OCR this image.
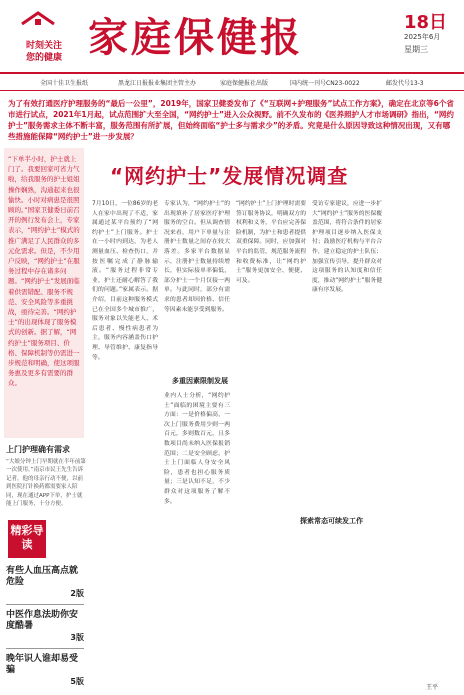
时刻关注
您的健康 家庭保健报	18日
2025年6月
星期三
全国十佳卫生报纸	黑龙江日报报业集团主管主办	家庭保健报社出版	国内统一刊号CN23-0022	邮发代号13-3
为了有效打通医疗护理服务的“最后一公里”，2019年，国家卫健委发布了《“互联网+护理服务”试点工作方案》，确定在北京等6个省市进行试点，2021年1月起，试点范围扩大至全国，“网约护士”进入公众视野。前不久发布的《医养照护人才市场调研》指出，“网约护士”服务需求主体不断丰富，服务范围有所扩展，但始终面临“护士多与需求少”的矛盾。究竟是什么原因导致这种情况出现，又有哪些措施能保障“网约护士”进一步发展？
“下单半小时，护士就上门了。我要回家可省力气啦，给我服务的护士姐姐操作娴熟，沟通起来也很愉快。小时对病患是很照顾的。”国家卫健委日前召开的例行发布会上，专家表示，“网约护士”模式的推广满足了人民群众的多元化需求。但是，不少用户反映，“网约护士”在服务过程中存在诸多问题。“网约护士”发展面临着供需错配、服务不规范、安全风险等多重挑战，亟待完善。“网约护士”的出现体现了服务模式的创新。据了解，“网约护士”服务项目、价格、保障机制等仍需进一步规范和明确，使这项服务惠及更多有需要的群众。
上门护理确有需求
“大娘分钟上门早期就在半年前第一次使用。”南京市民王先生告诉记者，他的母亲行动不便，以前到医院打针换药都需要家人陪同，现在通过APP下单，护士就能上门服务，十分方便。
精彩导读
有些人血压高点就危险
2版
中医作息法助你安度酷暑
3版
晚年识人谁却易受骗
5版
“网约护士”发展情况调查
7月10日，一位86岁的老人在家中出现了不适，家属通过某平台预约了“网约护士”上门服务。护士在一小时内到达，为老人测量血压、检查伤口，并按医嘱完成了静脉输液。“服务过程非常专业，护士还耐心解答了我们的问题。”家属表示。据介绍，目前这种服务模式已在全国多个城市推广，服务对象以失能老人、术后患者、慢性病患者为主，服务内容涵盖伤口护理、导管维护、康复指导等。
专家认为，“网约护士”的出现填补了居家医疗护理服务的空白。但从调查情况来看，用户下单量与注册护士数量之间存在较大落差。多家平台数据显示，注册护士数量持续增长，但实际接单率偏低，部分护士一个月仅接一两单。与此同时，部分有需求的患者却因价格、信任等因素未能享受到服务。
多重因素限制发展
业内人士分析，“网约护士”面临的困境主要有三方面：一是价格偏高，一次上门服务费用少则一两百元，多则数百元，且多数项目尚未纳入医保报销范围；二是安全顾虑，护士上门面临人身安全风险，患者也担心服务质量；三是认知不足，不少群众对这项服务了解不多。
“网约护士”上门护理时需要签订服务协议，明确双方的权利和义务，平台应完善保险机制，为护士和患者提供双重保障。同时，应加强对平台的监管，规范服务流程和收费标准，让“网约护士”服务更加安全、便捷、可及。
探索常态可续发工作
受访专家建议，应进一步扩大“网约护士”服务的医保覆盖范围，将符合条件的居家护理项目逐步纳入医保支付；鼓励医疗机构与平台合作，建立稳定的护士队伍；加强宣传引导，提升群众对这项服务的认知度和信任度，推动“网约护士”服务健康有序发展。
王平
